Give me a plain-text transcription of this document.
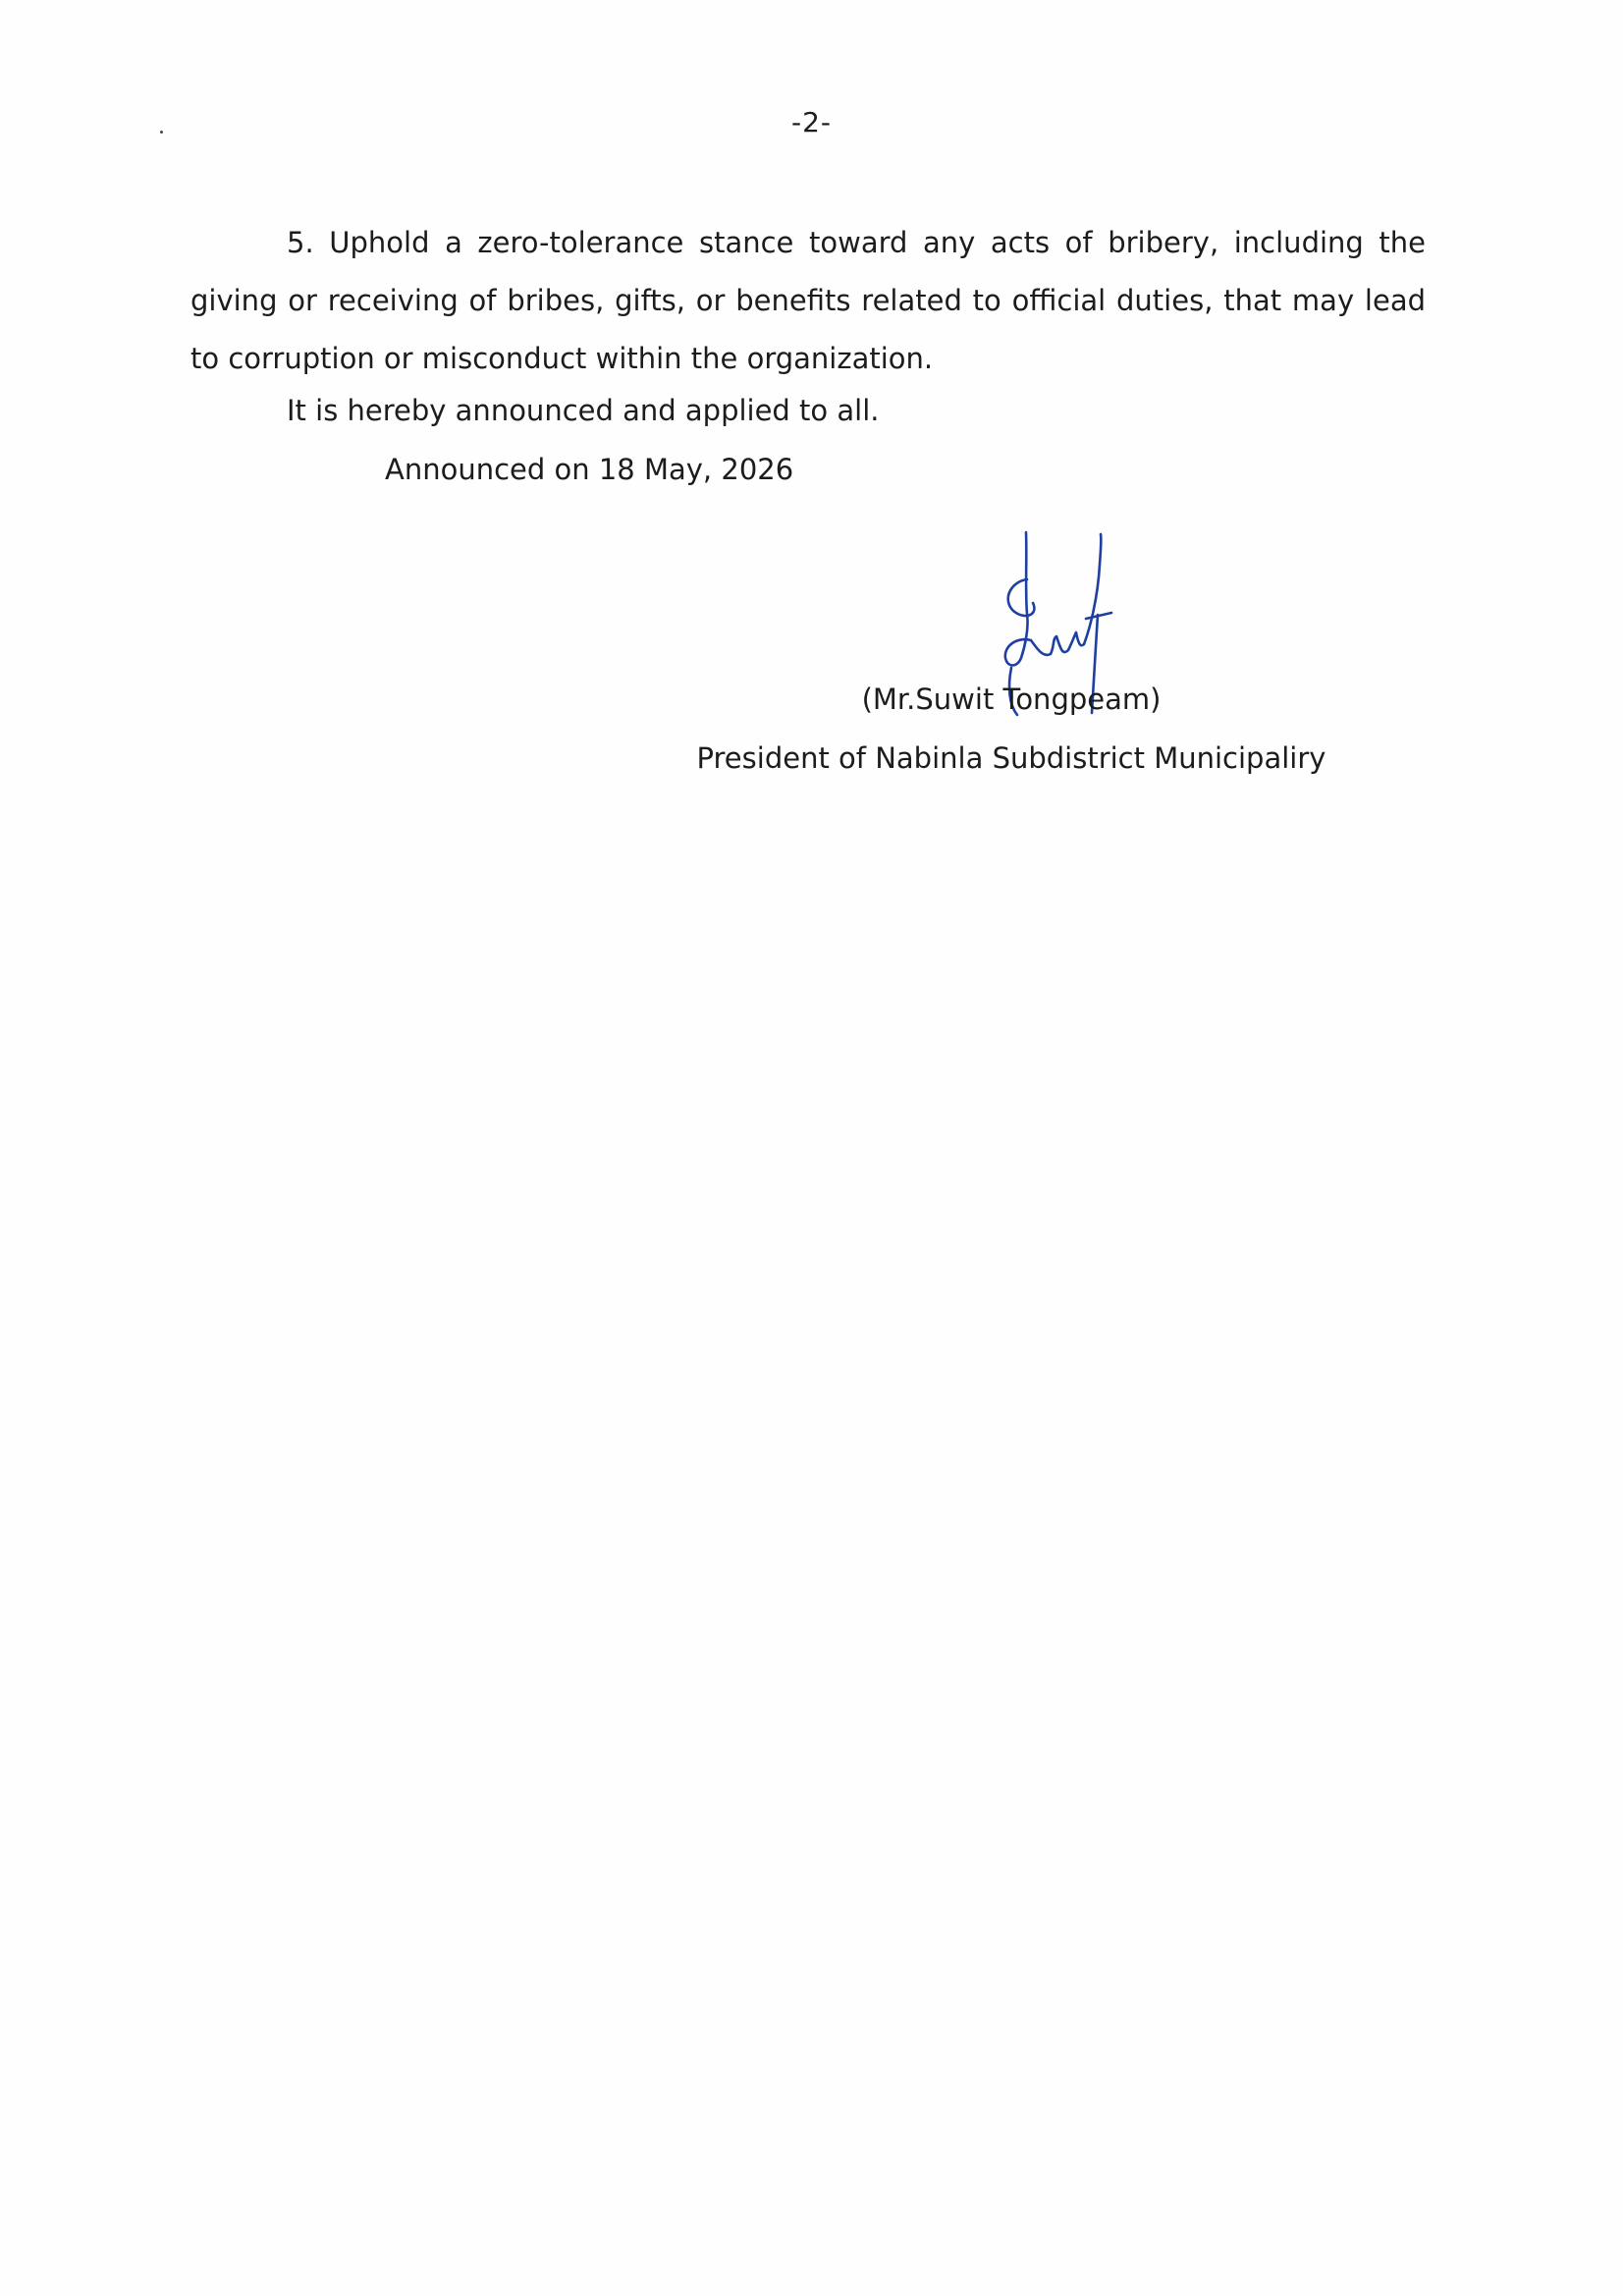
-2-

5. Uphold a zero-tolerance stance toward any acts of bribery, including the giving or receiving of bribes, gifts, or benefits related to official duties, that may lead to corruption or misconduct within the organization.

It is hereby announced and applied to all.

Announced on 18 May, 2026

(Mr.Suwit Tongpeam)

President of Nabinla Subdistrict Municipaliry
